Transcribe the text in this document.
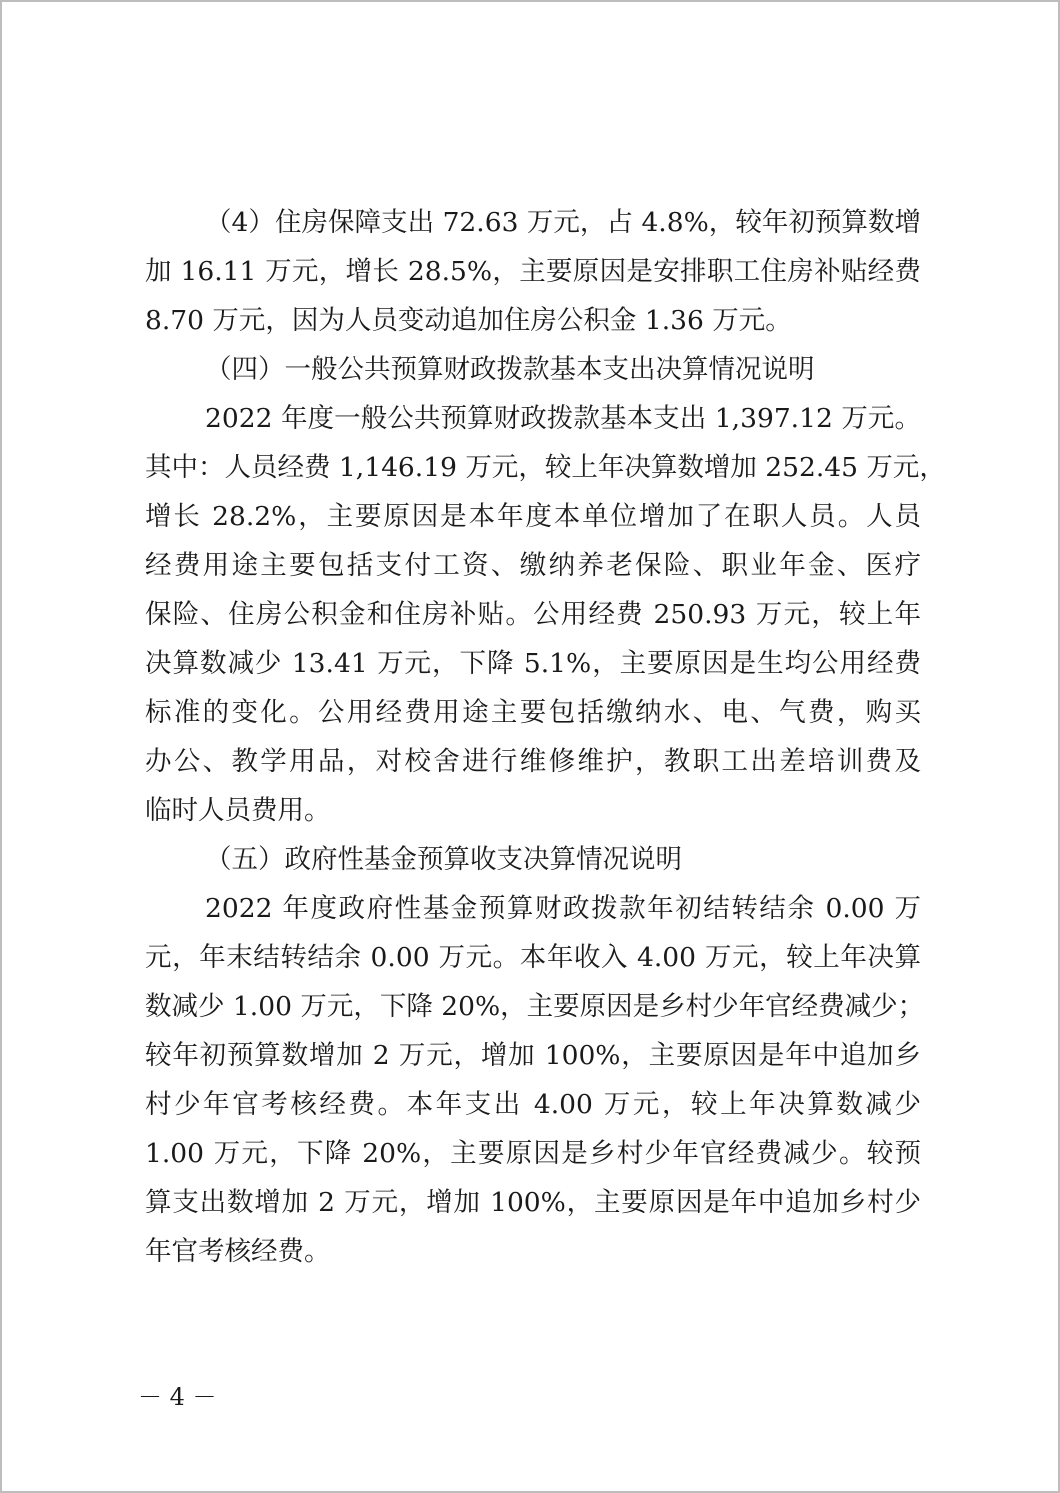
（4）住房保障支出 72.63 万元，占 4.8%，较年初预算数增
加 16.11 万元，增长 28.5%，主要原因是安排职工住房补贴经费
8.70 万元，因为人员变动追加住房公积金 1.36 万元。
（四）一般公共预算财政拨款基本支出决算情况说明
2022 年度一般公共预算财政拨款基本支出 1,397.12 万元。
其中：人员经费 1,146.19 万元，较上年决算数增加 252.45 万元，
增长 28.2%，主要原因是本年度本单位增加了在职人员。人员
经费用途主要包括支付工资、缴纳养老保险、职业年金、医疗
保险、住房公积金和住房补贴。公用经费 250.93 万元，较上年
决算数减少 13.41 万元，下降 5.1%，主要原因是生均公用经费
标准的变化。公用经费用途主要包括缴纳水、电、气费，购买
办公、教学用品，对校舍进行维修维护，教职工出差培训费及
临时人员费用。
（五）政府性基金预算收支决算情况说明
2022 年度政府性基金预算财政拨款年初结转结余 0.00 万
元，年末结转结余 0.00 万元。本年收入 4.00 万元，较上年决算
数减少 1.00 万元，下降 20%，主要原因是乡村少年官经费减少；
较年初预算数增加 2 万元，增加 100%，主要原因是年中追加乡
村少年官考核经费。本年支出 4.00 万元，较上年决算数减少
1.00 万元，下降 20%，主要原因是乡村少年官经费减少。较预
算支出数增加 2 万元，增加 100%，主要原因是年中追加乡村少
年官考核经费。
－ 4 －
